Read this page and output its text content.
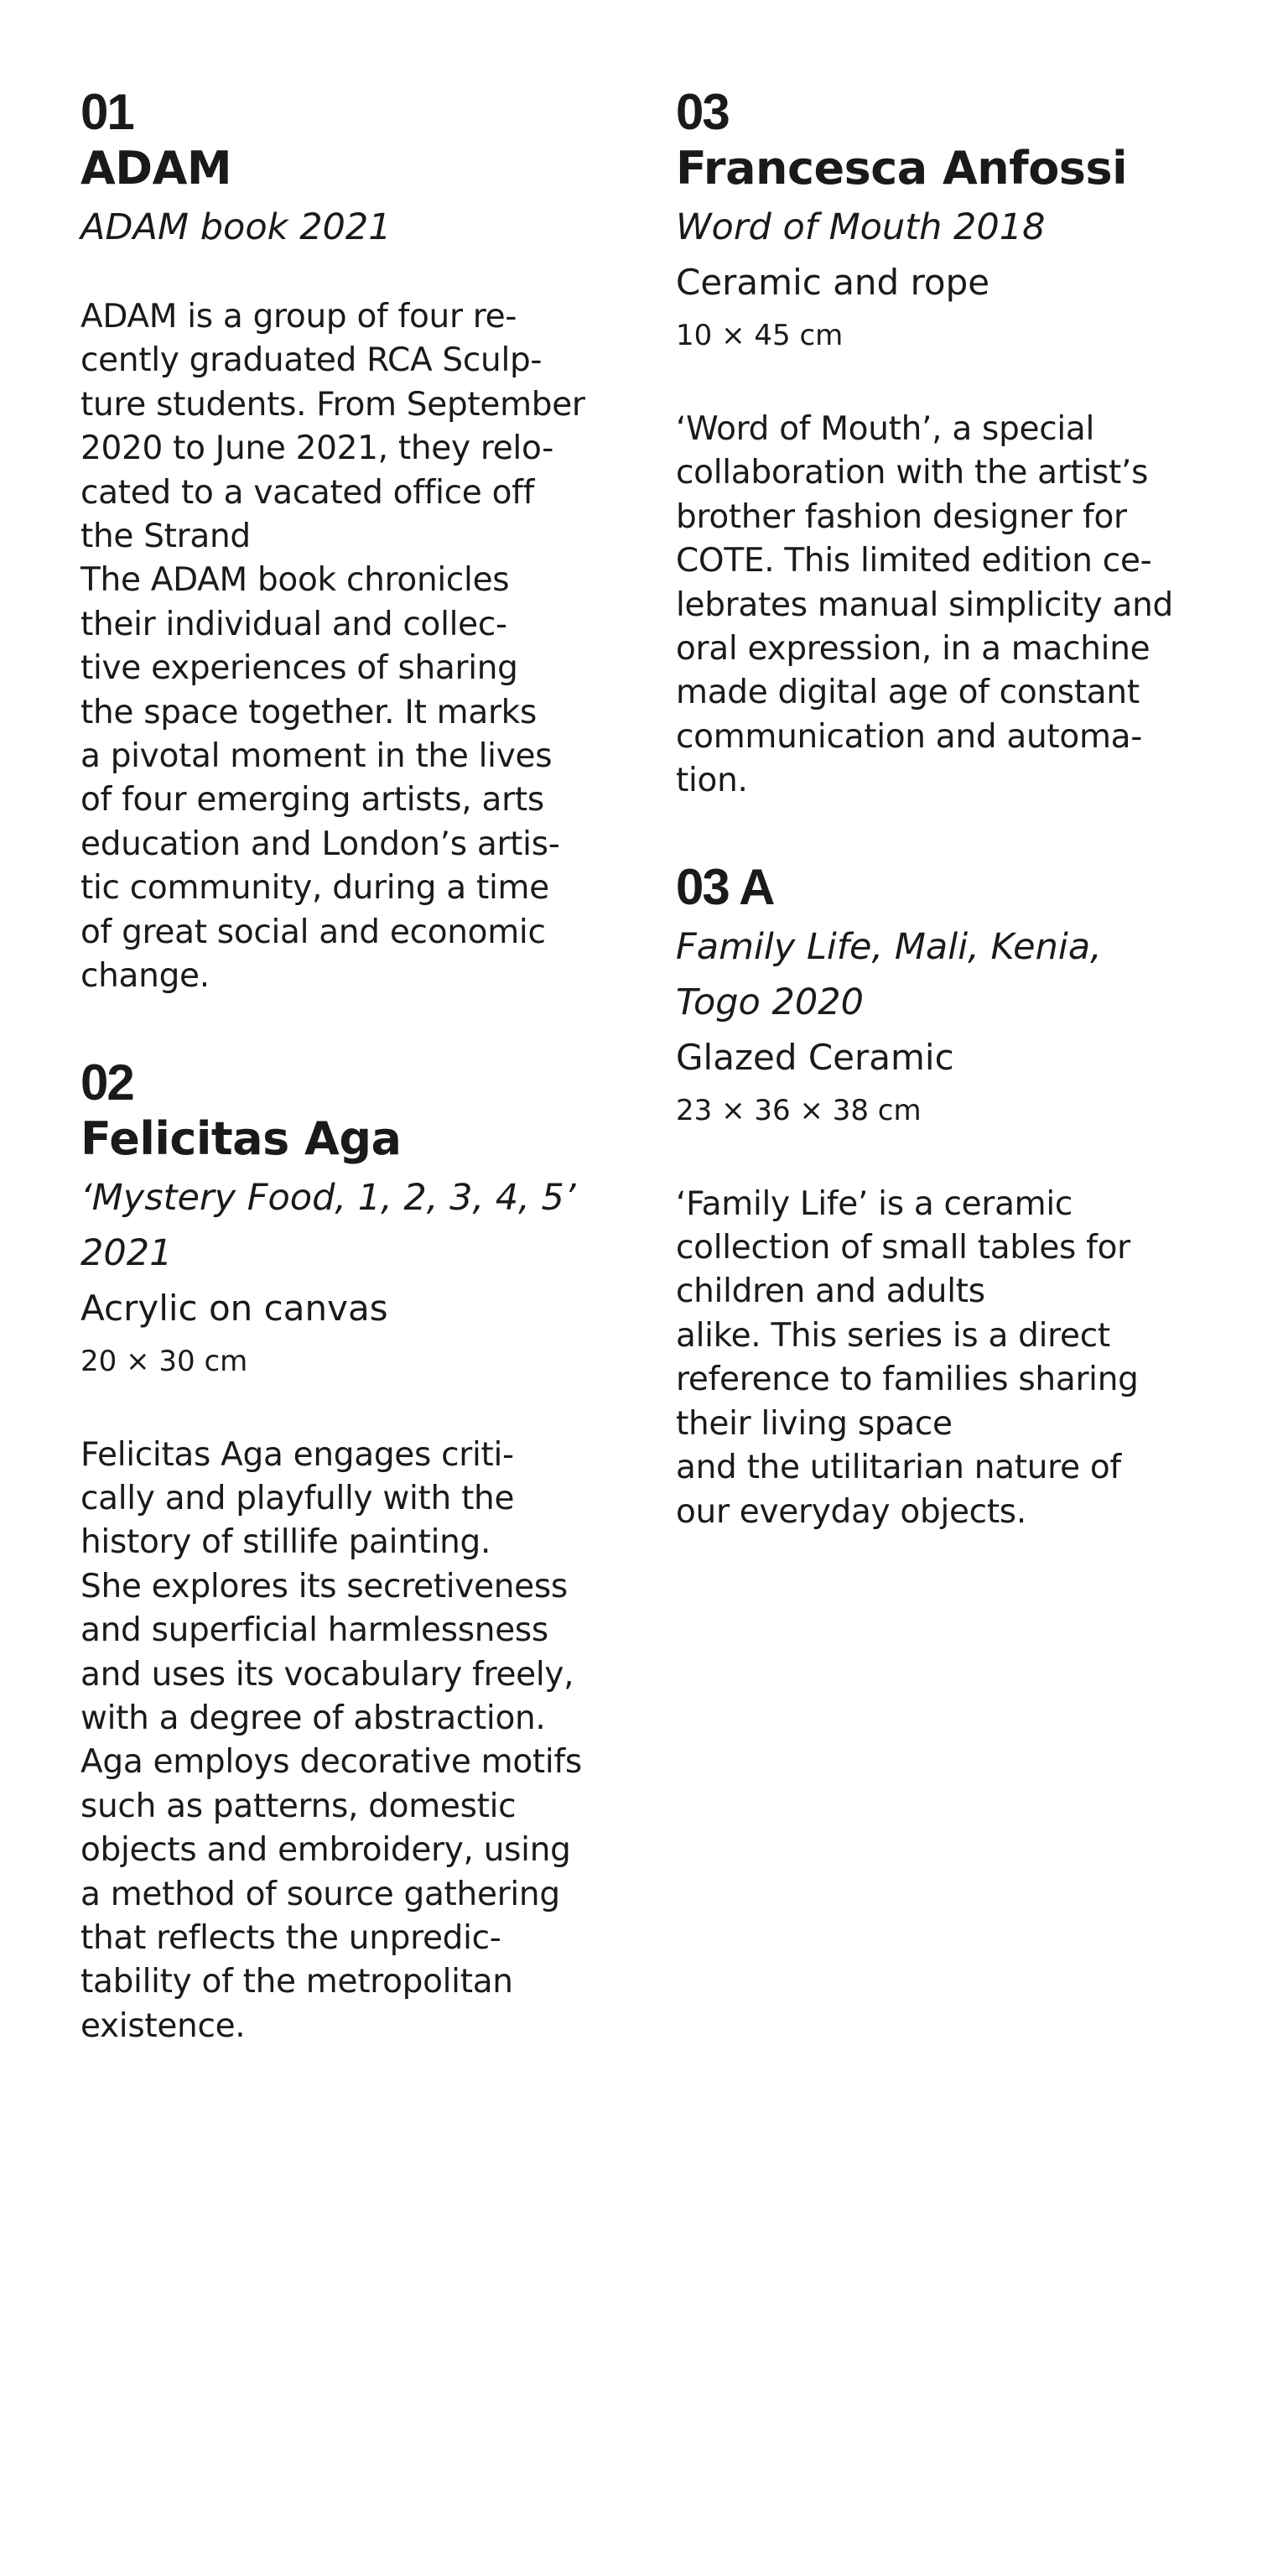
01
ADAM
ADAM book 2021

ADAM is a group of four re-
cently graduated RCA Sculp-
ture students. From September
2020 to June 2021, they relo-
cated to a vacated office off
the Strand
The ADAM book chronicles
their individual and collec-
tive experiences of sharing
the space together. It marks
a pivotal moment in the lives
of four emerging artists, arts
education and London’s artis-
tic community, during a time
of great social and economic
change.

02
Felicitas Aga
‘Mystery Food, 1, 2, 3, 4, 5’
2021
Acrylic on canvas
20 × 30 cm

Felicitas Aga engages criti-
cally and playfully with the
history of stillife painting.
She explores its secretiveness
and superficial harmlessness
and uses its vocabulary freely,
with a degree of abstraction.
Aga employs decorative motifs
such as patterns, domestic
objects and embroidery, using
a method of source gathering
that reflects the unpredic-
tability of the metropolitan
existence.

03
Francesca Anfossi
Word of Mouth 2018
Ceramic and rope
10 × 45 cm

‘Word of Mouth’, a special
collaboration with the artist’s
brother fashion designer for
COTE. This limited edition ce-
lebrates manual simplicity and
oral expression, in a machine
made digital age of constant
communication and automa-
tion.

03 A
Family Life, Mali, Kenia,
Togo 2020
Glazed Ceramic
23 × 36 × 38 cm

‘Family Life’ is a ceramic
collection of small tables for
children and adults
alike. This series is a direct
reference to families sharing
their living space
and the utilitarian nature of
our everyday objects.
